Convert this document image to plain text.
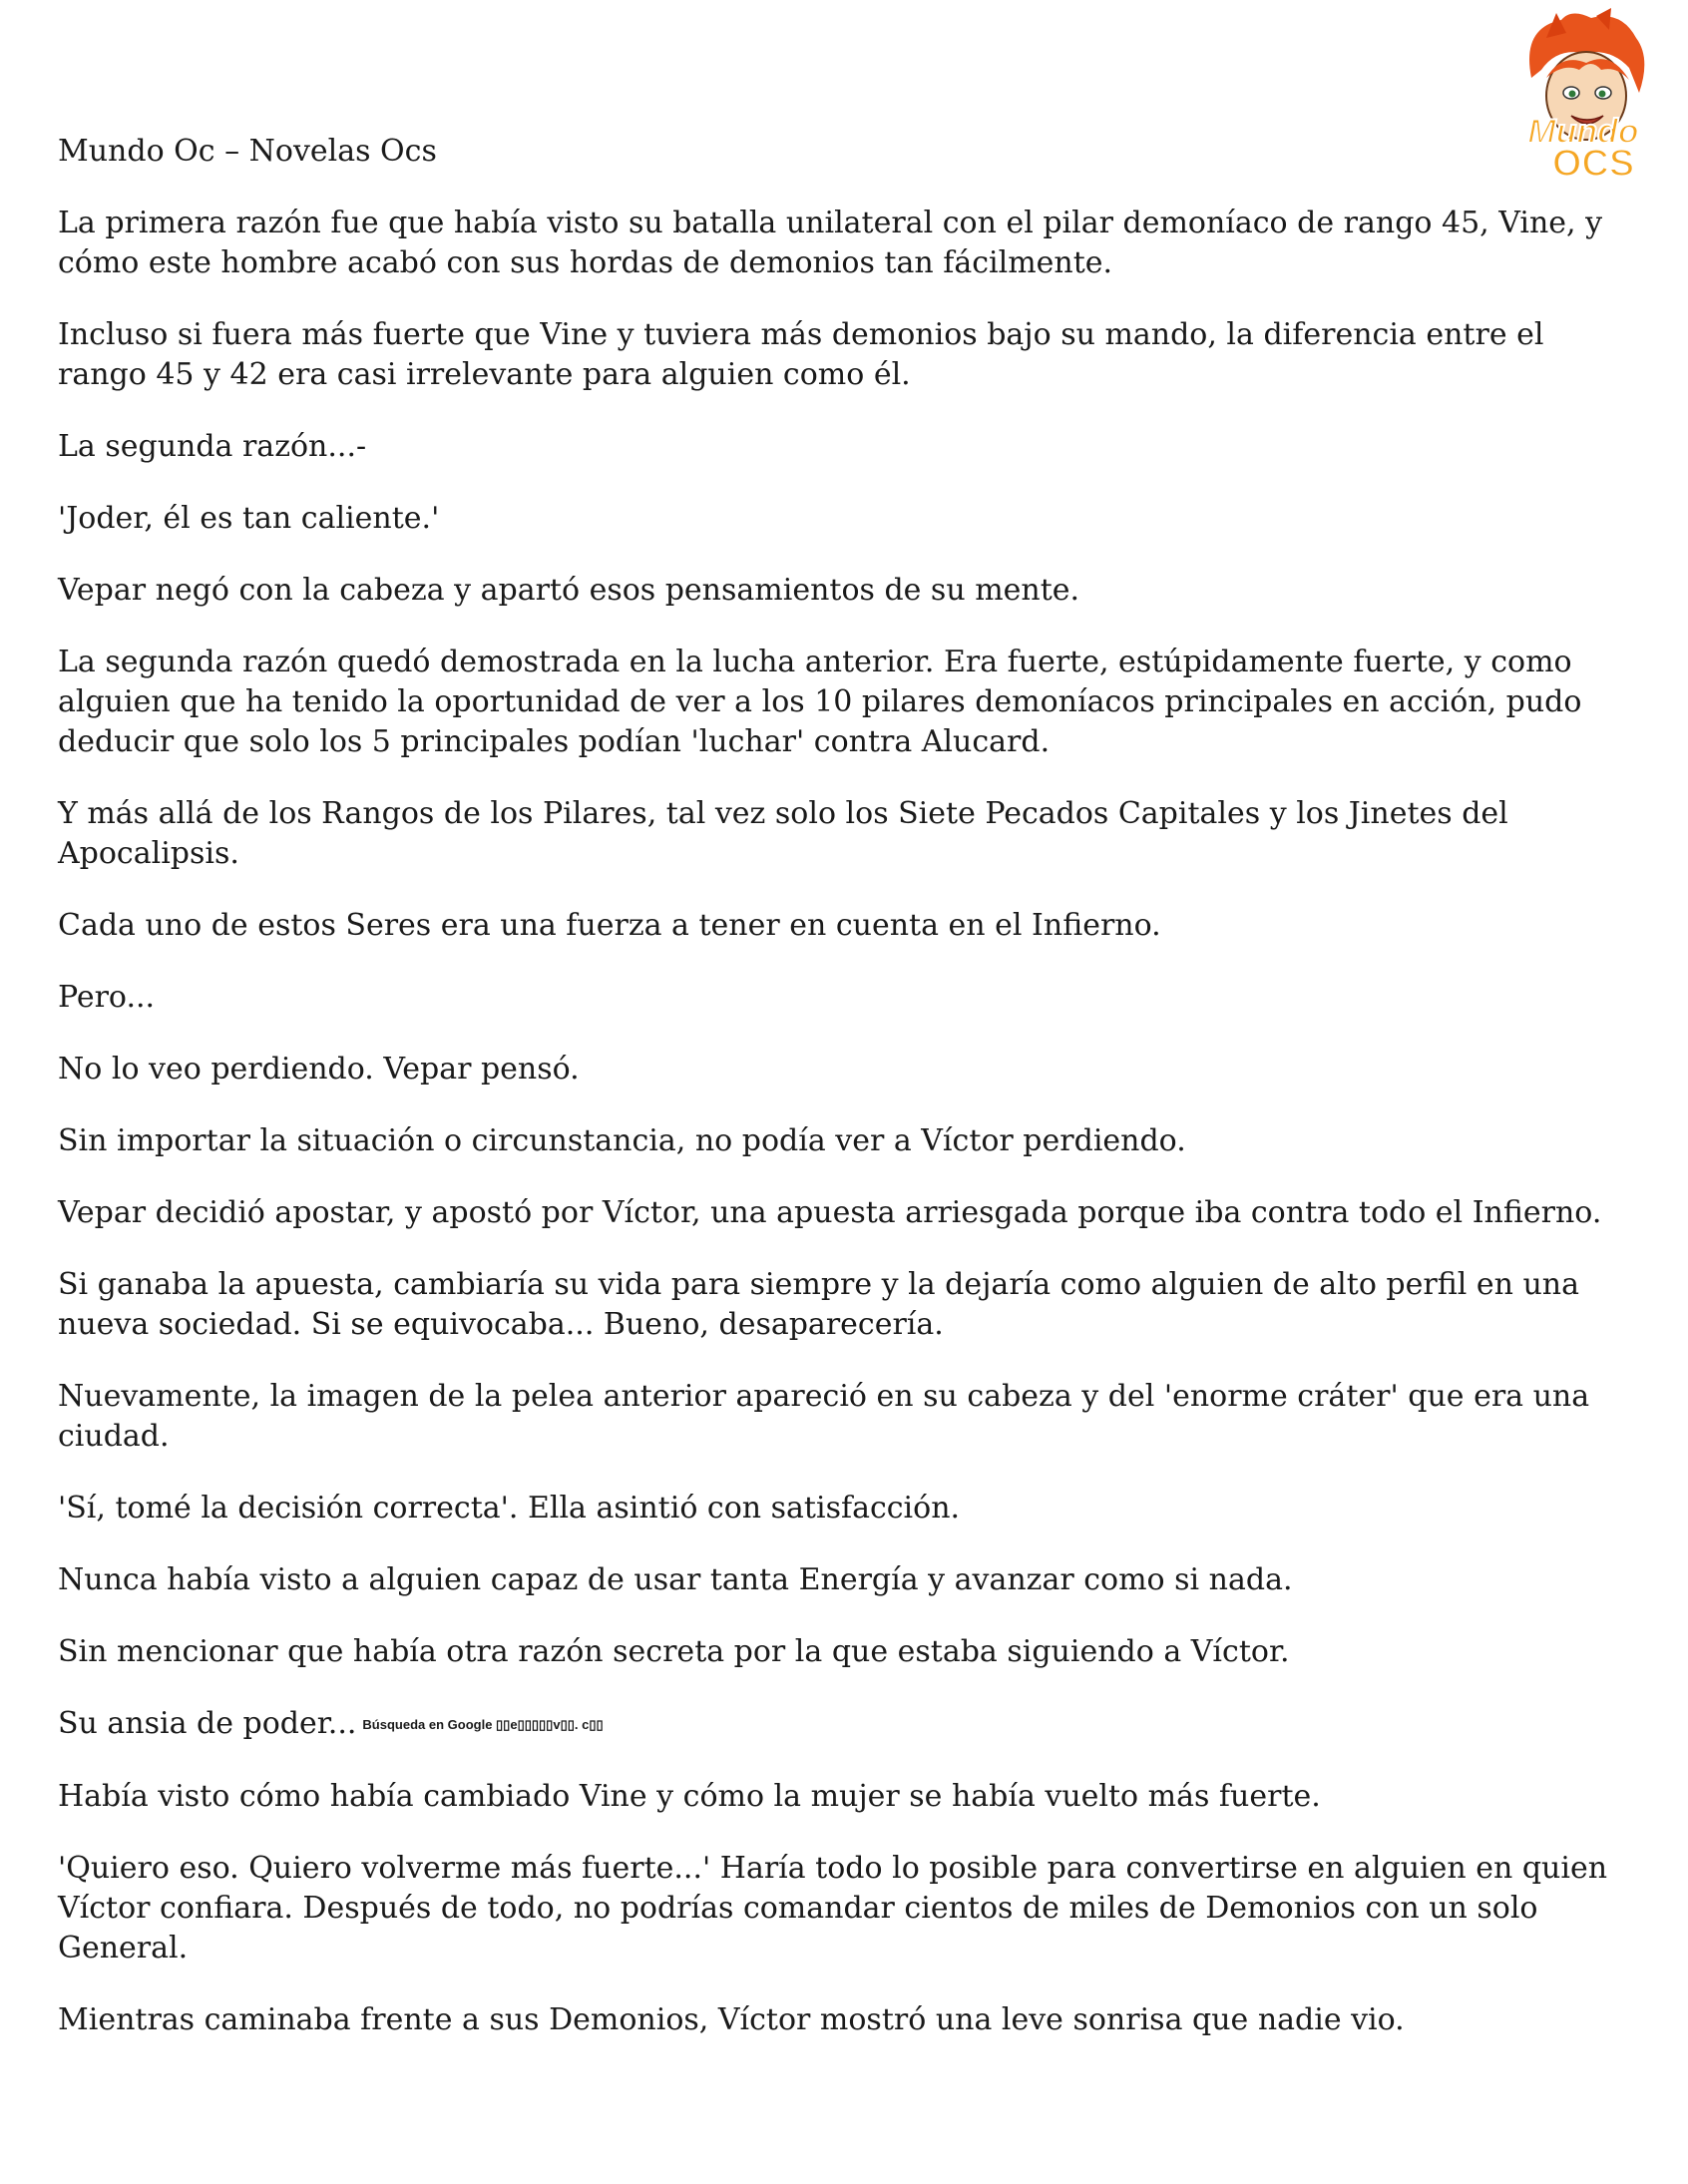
Mundo
OCS
Mundo Oc – Novelas Ocs

La primera razón fue que había visto su batalla unilateral con el pilar demoníaco de rango 45, Vine, y cómo este hombre acabó con sus hordas de demonios tan fácilmente.

Incluso si fuera más fuerte que Vine y tuviera más demonios bajo su mando, la diferencia entre el rango 45 y 42 era casi irrelevante para alguien como él.

La segunda razón...-

'Joder, él es tan caliente.'

Vepar negó con la cabeza y apartó esos pensamientos de su mente.

La segunda razón quedó demostrada en la lucha anterior. Era fuerte, estúpidamente fuerte, y como alguien que ha tenido la oportunidad de ver a los 10 pilares demoníacos principales en acción, pudo deducir que solo los 5 principales podían 'luchar' contra Alucard.

Y más allá de los Rangos de los Pilares, tal vez solo los Siete Pecados Capitales y los Jinetes del Apocalipsis.

Cada uno de estos Seres era una fuerza a tener en cuenta en el Infierno.

Pero...

No lo veo perdiendo. Vepar pensó.

Sin importar la situación o circunstancia, no podía ver a Víctor perdiendo.

Vepar decidió apostar, y apostó por Víctor, una apuesta arriesgada porque iba contra todo el Infierno.

Si ganaba la apuesta, cambiaría su vida para siempre y la dejaría como alguien de alto perfil en una nueva sociedad. Si se equivocaba... Bueno, desaparecería.

Nuevamente, la imagen de la pelea anterior apareció en su cabeza y del 'enorme cráter' que era una ciudad.

'Sí, tomé la decisión correcta'. Ella asintió con satisfacción.

Nunca había visto a alguien capaz de usar tanta Energía y avanzar como si nada.

Sin mencionar que había otra razón secreta por la que estaba siguiendo a Víctor.

Su ansia de poder... Búsqueda en Google ▯▯e▯▯▯▯▯v▯▯. c▯▯

Había visto cómo había cambiado Vine y cómo la mujer se había vuelto más fuerte.

'Quiero eso. Quiero volverme más fuerte...' Haría todo lo posible para convertirse en alguien en quien Víctor confiara. Después de todo, no podrías comandar cientos de miles de Demonios con un solo General.

Mientras caminaba frente a sus Demonios, Víctor mostró una leve sonrisa que nadie vio.
